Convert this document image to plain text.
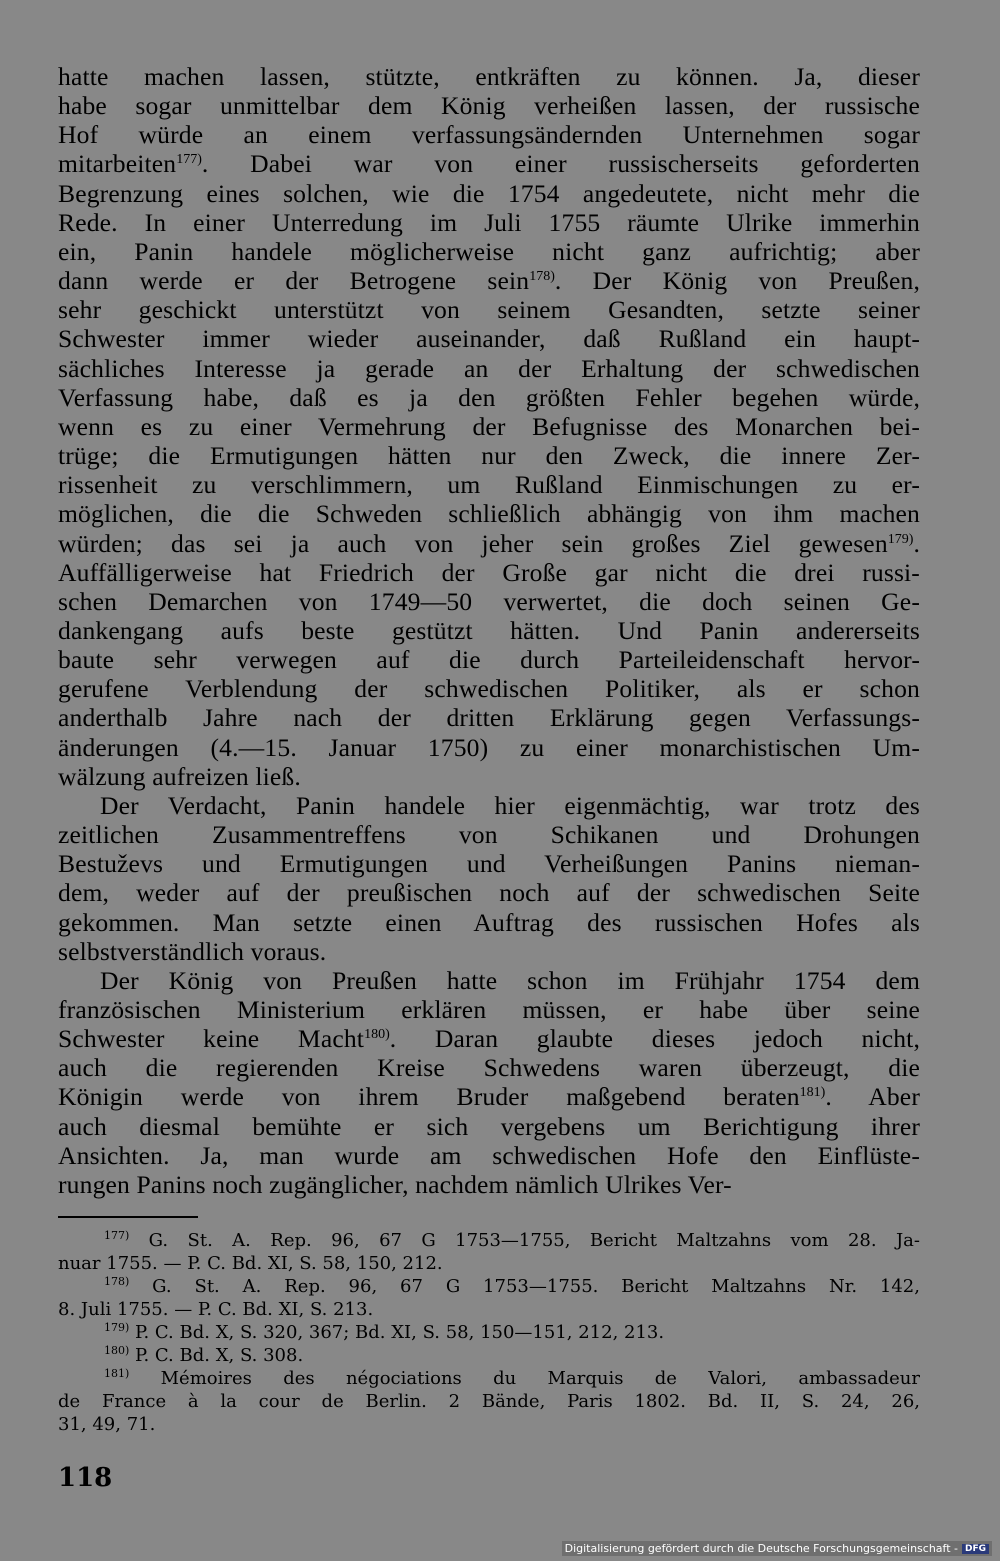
hatte machen lassen, stützte, entkräften zu können. Ja, dieser
habe sogar unmittelbar dem König verheißen lassen, der russische
Hof würde an einem verfassungsändernden Unternehmen sogar
mitarbeiten$^{177)}$. Dabei war von einer russischerseits geforderten
Begrenzung eines solchen, wie die 1754 angedeutete, nicht mehr die
Rede. In einer Unterredung im Juli 1755 räumte Ulrike immerhin
ein, Panin handele möglicherweise nicht ganz aufrichtig; aber
dann werde er der Betrogene sein$^{178)}$. Der König von Preußen,
sehr geschickt unterstützt von seinem Gesandten, setzte seiner
Schwester immer wieder auseinander, daß Rußland ein haupt-
sächliches Interesse ja gerade an der Erhaltung der schwedischen
Verfassung habe, daß es ja den größten Fehler begehen würde,
wenn es zu einer Vermehrung der Befugnisse des Monarchen bei-
trüge; die Ermutigungen hätten nur den Zweck, die innere Zer-
rissenheit zu verschlimmern, um Rußland Einmischungen zu er-
möglichen, die die Schweden schließlich abhängig von ihm machen
würden; das sei ja auch von jeher sein großes Ziel gewesen$^{179)}$.
Auffälligerweise hat Friedrich der Große gar nicht die drei russi-
schen Demarchen von 1749—50 verwertet, die doch seinen Ge-
dankengang aufs beste gestützt hätten. Und Panin andererseits
baute sehr verwegen auf die durch Parteileidenschaft hervor-
gerufene Verblendung der schwedischen Politiker, als er schon
anderthalb Jahre nach der dritten Erklärung gegen Verfassungs-
änderungen (4.—15. Januar 1750) zu einer monarchistischen Um-
wälzung aufreizen ließ.
Der Verdacht, Panin handele hier eigenmächtig, war trotz des
zeitlichen Zusammentreffens von Schikanen und Drohungen
Bestuževs und Ermutigungen und Verheißungen Panins nieman-
dem, weder auf der preußischen noch auf der schwedischen Seite
gekommen. Man setzte einen Auftrag des russischen Hofes als
selbstverständlich voraus.
Der König von Preußen hatte schon im Frühjahr 1754 dem
französischen Ministerium erklären müssen, er habe über seine
Schwester keine Macht$^{180)}$. Daran glaubte dieses jedoch nicht,
auch die regierenden Kreise Schwedens waren überzeugt, die
Königin werde von ihrem Bruder maßgebend beraten$^{181)}$. Aber
auch diesmal bemühte er sich vergebens um Berichtigung ihrer
Ansichten. Ja, man wurde am schwedischen Hofe den Einflüste-
rungen Panins noch zugänglicher, nachdem nämlich Ulrikes Ver-
$^{177)}$ G. St. A. Rep. 96, 67 G 1753—1755, Bericht Maltzahns vom 28. Ja-
nuar 1755. — P. C. Bd. XI, S. 58, 150, 212.
$^{178)}$ G. St. A. Rep. 96, 67 G 1753—1755. Bericht Maltzahns Nr. 142,
8. Juli 1755. — P. C. Bd. XI, S. 213.
$^{179)}$ P. C. Bd. X, S. 320, 367; Bd. XI, S. 58, 150—151, 212, 213.
$^{180)}$ P. C. Bd. X, S. 308.
$^{181)}$ Mémoires des négociations du Marquis de Valori, ambassadeur
de France à la cour de Berlin. 2 Bände, Paris 1802. Bd. II, S. 24, 26,
31, 49, 71.
118
Digitalisierung gefördert durch die Deutsche Forschungsgemeinschaft - DFG
